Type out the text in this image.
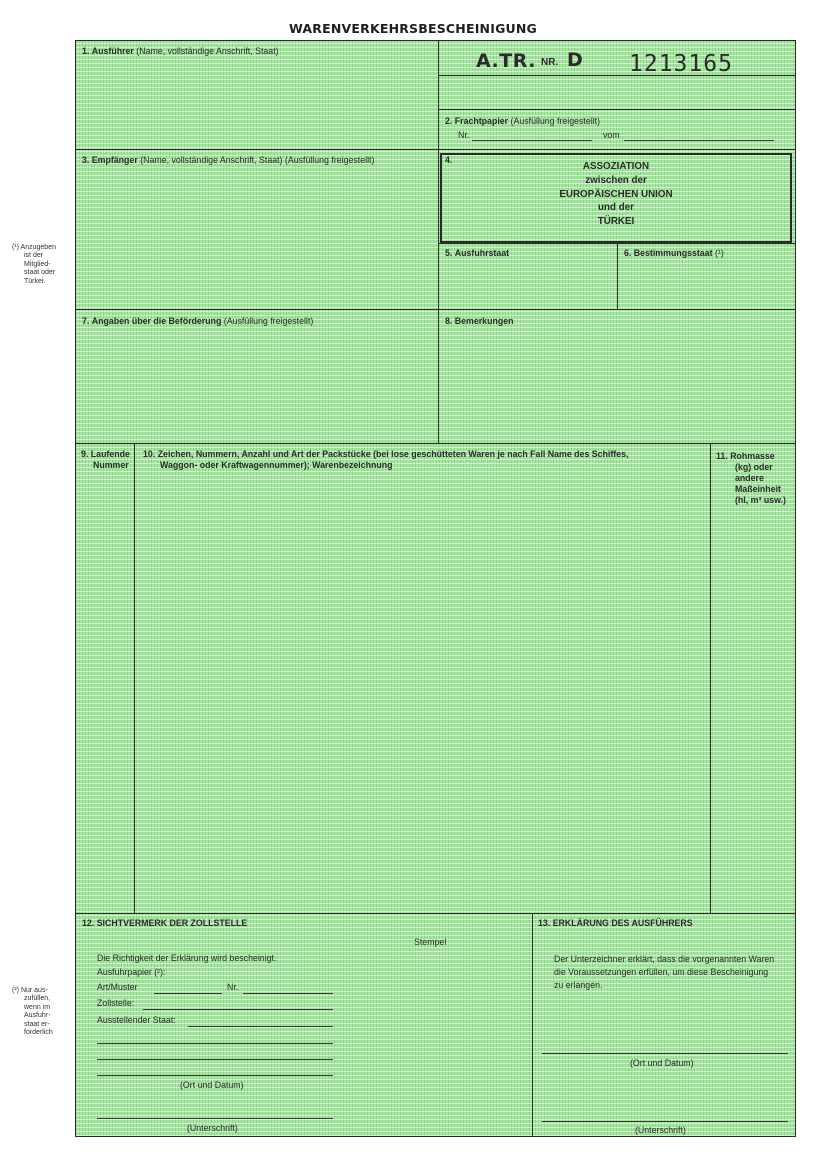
WARENVERKEHRSBESCHEINIGUNG
(¹) Anzugeben
ist der
Mitglied-
staat oder
Türkei.
(²) Nur aus-
zufüllen,
wenn im
Ausfuhr-
staat er-
forderlich
A.TR. NR. D 1213165
1. Ausführer (Name, vollständige Anschrift, Staat)
2. Frachtpapier (Ausfüllung freigestellt)
Nr.	vom
3. Empfänger (Name, vollständige Anschrift, Staat) (Ausfüllung freigestellt)	4.
ASSOZIATION
zwischen der
EUROPÄISCHEN UNION
und der
TÜRKEI
5. Ausfuhrstaat	6. Bestimmungsstaat (¹)
7. Angaben über die Beförderung (Ausfüllung freigestellt)	8. Bemerkungen
9. Laufende
Nummer
10. Zeichen, Nummern, Anzahl und Art der Packstücke (bei lose geschütteten Waren je nach Fall Name des Schiffes,
Waggon- oder Kraftwagennummer); Warenbezeichnung
11. Rohmasse
(kg) oder
andere
Maßeinheit
(hl, m³ usw.)
12. SICHTVERMERK DER ZOLLSTELLE
Stempel
Die Richtigkeit der Erklärung wird bescheinigt.
Ausfuhrpapier (²):
Art/Muster	Nr.
Zollstelle:
Ausstellender Staat:
(Ort und Datum)
(Unterschrift)
13. ERKLÄRUNG DES AUSFÜHRERS
Der Unterzeichner erklärt, dass die vorgenannten Waren
die Voraussetzungen erfüllen, um diese Bescheinigung
zu erlangen.
(Ort und Datum)
(Unterschrift)
